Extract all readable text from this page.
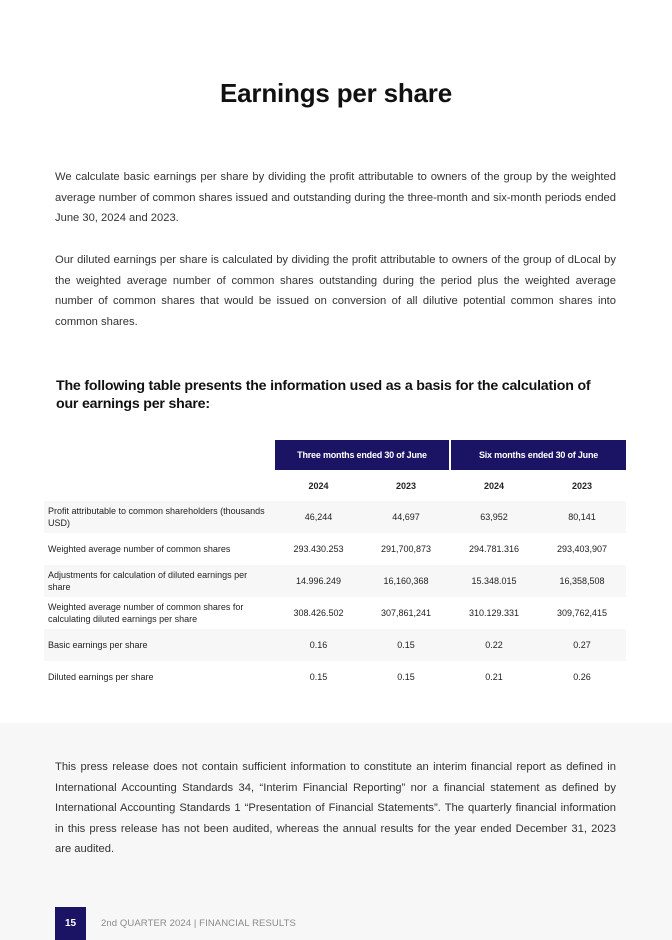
Earnings per share

We calculate basic earnings per share by dividing the profit attributable to owners of the group by the weighted average number of common shares issued and outstanding during the three-month and six-month periods ended June 30, 2024 and 2023.

Our diluted earnings per share is calculated by dividing the profit attributable to owners of the group of dLocal by the weighted average number of common shares outstanding during the period plus the weighted average number of common shares that would be issued on conversion of all dilutive potential common shares into common shares.

The following table presents the information used as a basis for the calculation of our earnings per share:
	Three months ended 30 of June		Six months ended 30 of June	
	2024	2023	2024	2023
Profit attributable to common shareholders (thousands USD)	46,244	44,697	63,952	80,141
Weighted average number of common shares	293.430.253	291,700,873	294.781.316	293,403,907
Adjustments for calculation of diluted earnings per share	14.996.249	16,160,368	15.348.015	16,358,508
Weighted average number of common shares for calculating diluted earnings per share	308.426.502	307,861,241	310.129.331	309,762,415
Basic earnings per share	0.16	0.15	0.22	0.27
Diluted earnings per share	0.15	0.15	0.21	0.26

This press release does not contain sufficient information to constitute an interim financial report as defined in International Accounting Standards 34, “Interim Financial Reporting” nor a financial statement as defined by International Accounting Standards 1 “Presentation of Financial Statements”. The quarterly financial information in this press release has not been audited, whereas the annual results for the year ended December 31, 2023 are audited.

15	2nd QUARTER 2024 | FINANCIAL RESULTS
